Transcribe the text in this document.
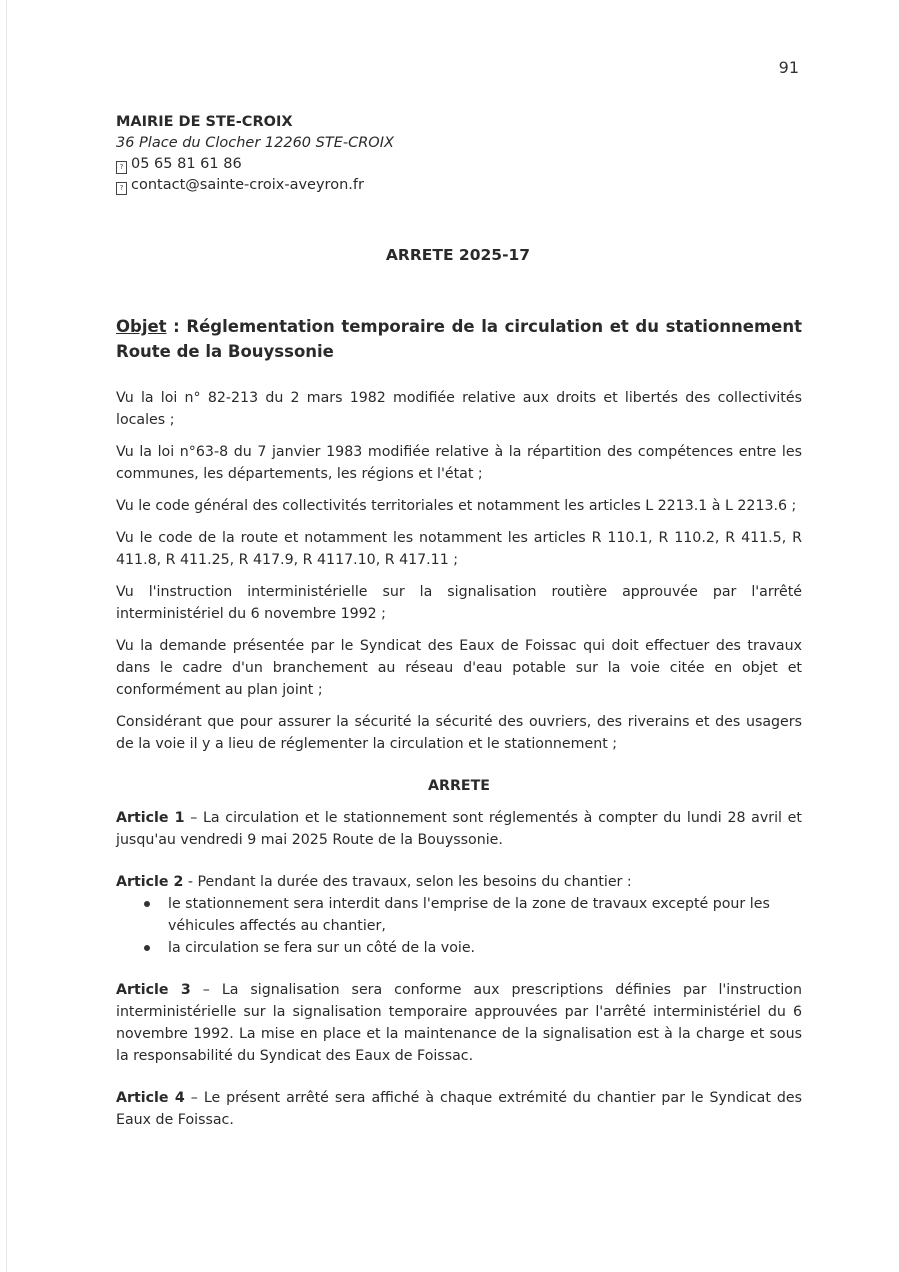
91
MAIRIE DE STE-CROIX
36 Place du Clocher 12260 STE-CROIX
? 05 65 81 61 86
? contact@sainte-croix-aveyron.fr
ARRETE 2025-17
Objet : Réglementation temporaire de la circulation et du stationnement Route de la Bouyssonie

Vu la loi n° 82-213 du 2 mars 1982 modifiée relative aux droits et libertés des collectivités locales ;

Vu la loi n°63-8 du 7 janvier 1983 modifiée relative à la répartition des compétences entre les communes, les départements, les régions et l'état ;

Vu le code général des collectivités territoriales et notamment les articles L 2213.1 à L 2213.6 ;

Vu le code de la route et notamment les notamment les articles R 110.1, R 110.2, R 411.5, R 411.8, R 411.25, R 417.9, R 4117.10, R 417.11 ;

Vu l'instruction interministérielle sur la signalisation routière approuvée par l'arrêté interministériel du 6 novembre 1992 ;

Vu la demande présentée par le Syndicat des Eaux de Foissac qui doit effectuer des travaux dans le cadre d'un branchement au réseau d'eau potable sur la voie citée en objet et conformément au plan joint ;

Considérant que pour assurer la sécurité la sécurité des ouvriers, des riverains et des usagers de la voie il y a lieu de réglementer la circulation et le stationnement ;

ARRETE
Article 1 – La circulation et le stationnement sont réglementés à compter du lundi 28 avril et jusqu'au vendredi 9 mai 2025 Route de la Bouyssonie.
Article 2 - Pendant la durée des travaux, selon les besoins du chantier :
le stationnement sera interdit dans l'emprise de la zone de travaux excepté pour les véhicules affectés au chantier,
la circulation se fera sur un côté de la voie.
Article 3 – La signalisation sera conforme aux prescriptions définies par l'instruction interministérielle sur la signalisation temporaire approuvées par l'arrêté interministériel du 6 novembre 1992. La mise en place et la maintenance de la signalisation est à la charge et sous la responsabilité du Syndicat des Eaux de Foissac.
Article 4 – Le présent arrêté sera affiché à chaque extrémité du chantier par le Syndicat des Eaux de Foissac.
